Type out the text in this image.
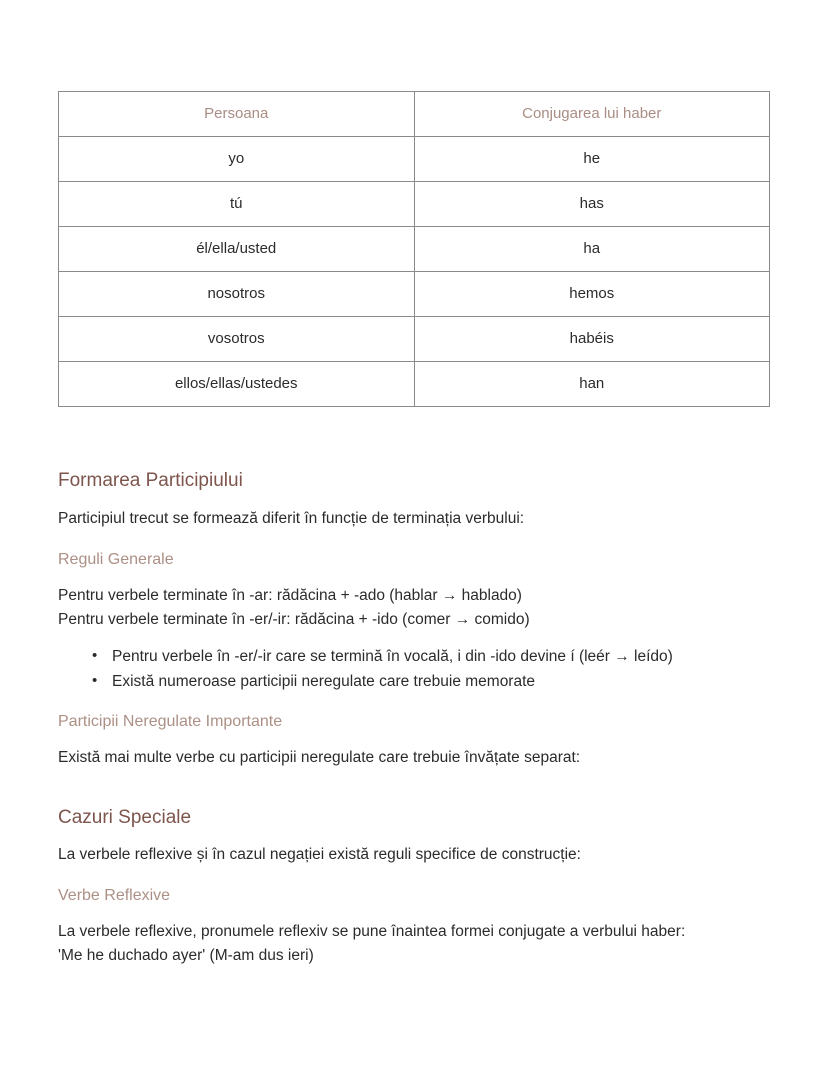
Persoana	Conjugarea lui haber
yo	he
tú	has
él/ella/usted	ha
nosotros	hemos
vosotros	habéis
ellos/ellas/ustedes	han
Formarea Participiului

Participiul trecut se formează diferit în funcție de terminația verbului:

Reguli Generale

Pentru verbele terminate în -ar: rădăcina + -ado (hablar → hablado)

Pentru verbele terminate în -er/-ir: rădăcina + -ido (comer → comido)

• Pentru verbele în -er/-ir care se termină în vocală, i din -ido devine í (leér → leído)
• Există numeroase participii neregulate care trebuie memorate
Participii Neregulate Importante

Există mai multe verbe cu participii neregulate care trebuie învățate separat:

Cazuri Speciale

La verbele reflexive și în cazul negației există reguli specifice de construcție:

Verbe Reflexive

La verbele reflexive, pronumele reflexiv se pune înaintea formei conjugate a verbului haber:

'Me he duchado ayer' (M-am dus ieri)
